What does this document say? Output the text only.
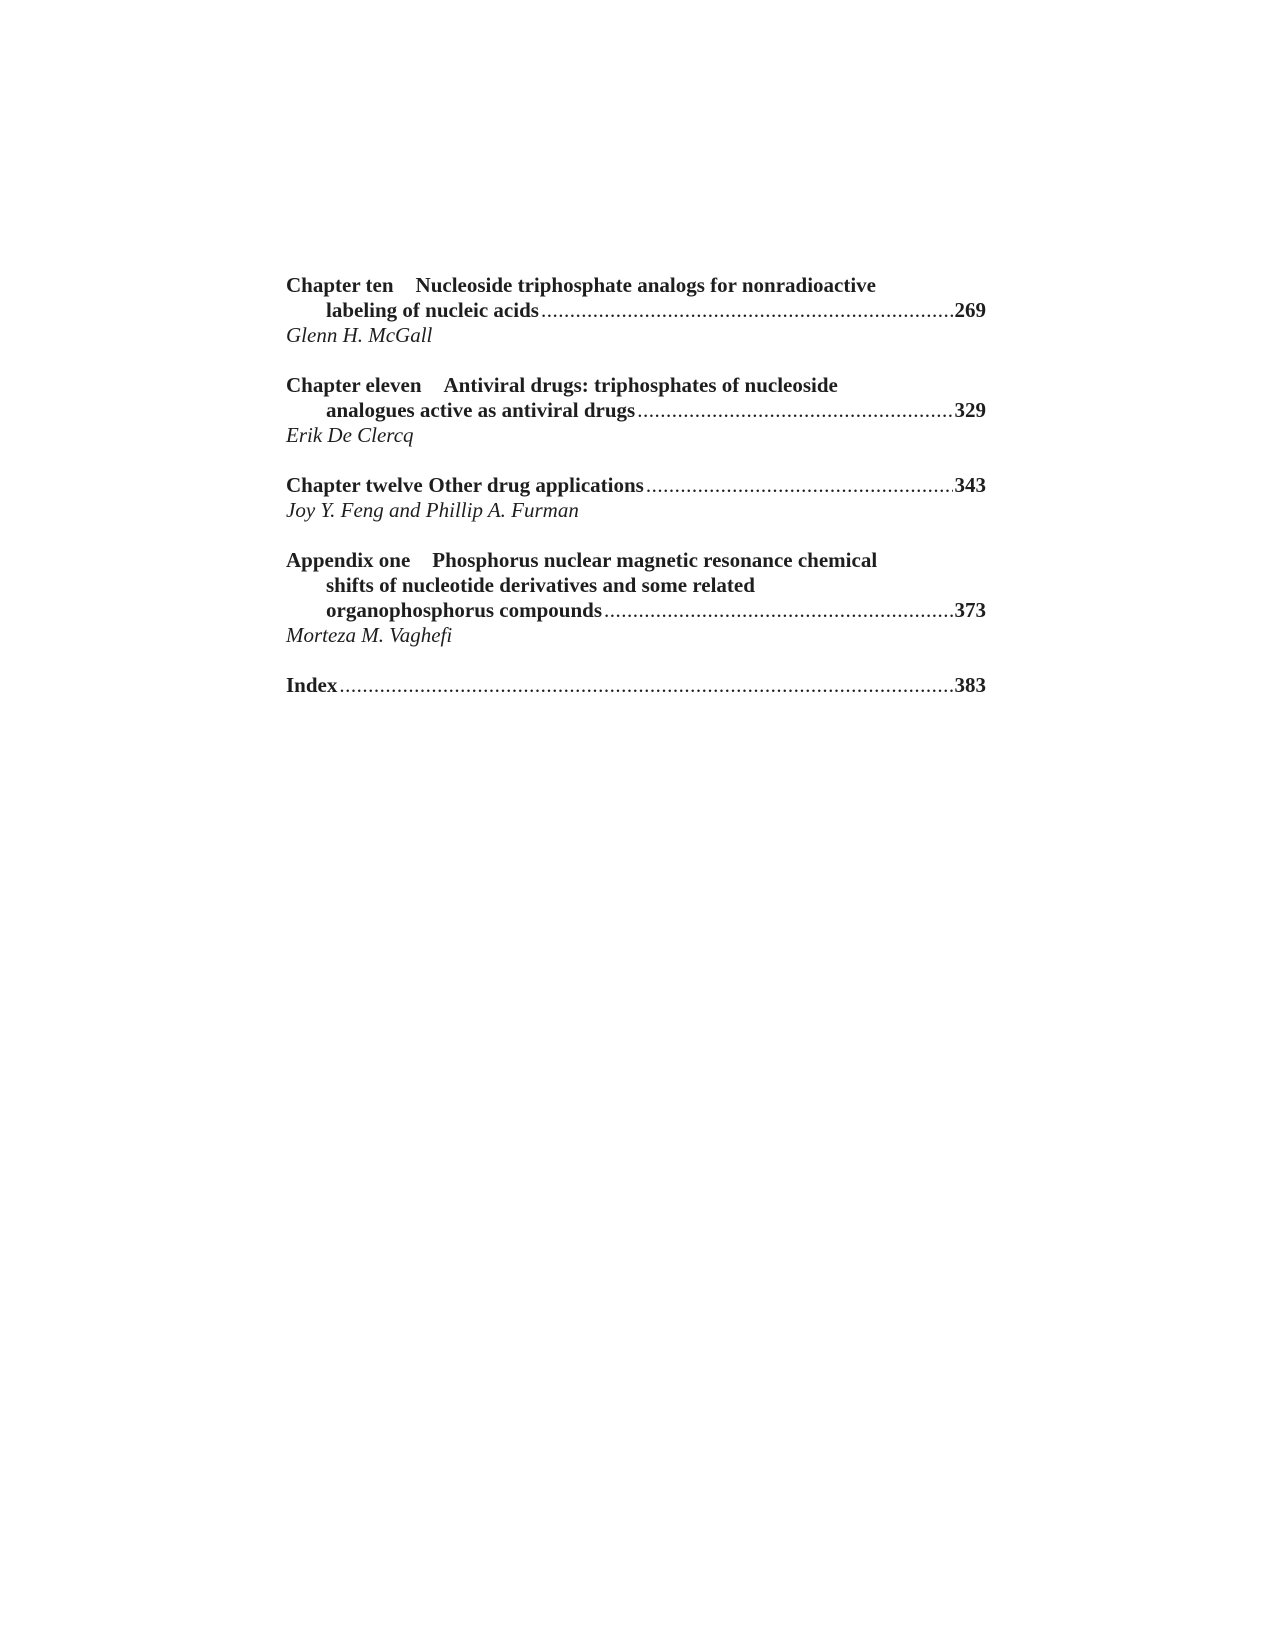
Chapter ten Nucleoside triphosphate analogs for nonradioactive
labeling of nucleic acids .....	269
Glenn H. McGall
Chapter eleven Antiviral drugs: triphosphates of nucleoside
analogues active as antiviral drugs .....	329
Erik De Clercq
Chapter twelve Other drug applications .....	343
Joy Y. Feng and Phillip A. Furman
Appendix one Phosphorus nuclear magnetic resonance chemical
shifts of nucleotide derivatives and some related
organophosphorus compounds .....	373
Morteza M. Vaghefi
Index .....	383
